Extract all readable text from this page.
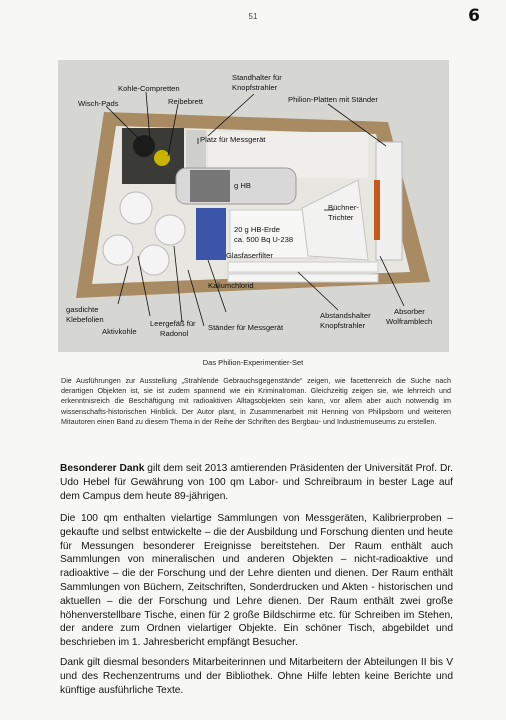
51	6
Kohle-Compretten
Standhalter für
Knopfstrahler
Wisch-Pads	Reibebrett	Philion-Platten mit Ständer
Platz für Messgerät
g HB
Büchner-
Trichter
20 g HB-Erde
ca. 500 Bq U-238
Glasfaserfilter
Kaliumchlorid
gasdichte
Klebefolien
Aktivkohle
Leergefäß für
Radonol
Ständer für Messgerät
Abstandshalter
Knopfstrahler
Absorber
Wolframblech
Das Philion-Experimentier-Set

Die Ausführungen zur Ausstellung „Strahlende Gebrauchsgegenstände“ zeigen, wie facettenreich die Suche nach derartigen Objekten ist, sie ist zudem spannend wie ein Kriminalroman. Gleichzeitig zeigen sie, wie lehrreich und erkenntnisreich die Beschäftigung mit radioaktiven Alltagsobjekten sein kann, vor allem aber auch notwendig im wissenschafts-historischen Hinblick. Der Autor plant, in Zusammenarbeit mit Henning von Philipsborn und weiteren Mitautoren einen Band zu diesem Thema in der Reihe der Schriften des Bergbau- und Industriemuseums zu erstellen.

Besonderer Dank gilt dem seit 2013 amtierenden Präsidenten der Universität Prof. Dr. Udo Hebel für Gewährung von 100 qm Labor- und Schreibraum in bester Lage auf dem Campus dem heute 89-jährigen.

Die 100 qm enthalten vielartige Sammlungen von Messgeräten, Kalibrierproben – gekaufte und selbst entwickelte – die der Ausbildung und Forschung dienten und heute für Messungen besonderer Ereignisse bereitstehen. Der Raum enthält auch Sammlungen von mineralischen und anderen Objekten – nicht-radioaktive und radioaktive – die der Forschung und der Lehre dienten und dienen. Der Raum enthält Sammlungen von Büchern, Zeitschriften, Sonderdrucken und Akten - historischen und aktuellen – die der Forschung und Lehre dienen. Der Raum enthält zwei große höhenverstellbare Tische, einen für 2 große Bildschirme etc. für Schreiben im Stehen, der andere zum Ordnen vielartiger Objekte. Ein schöner Tisch, abgebildet und beschrieben im 1. Jahresbericht empfängt Besucher.

Dank gilt diesmal besonders Mitarbeiterinnen und Mitarbeitern der Abteilungen II bis V und des Rechenzentrums und der Bibliothek. Ohne Hilfe lebten keine Berichte und künftige ausführliche Texte.
